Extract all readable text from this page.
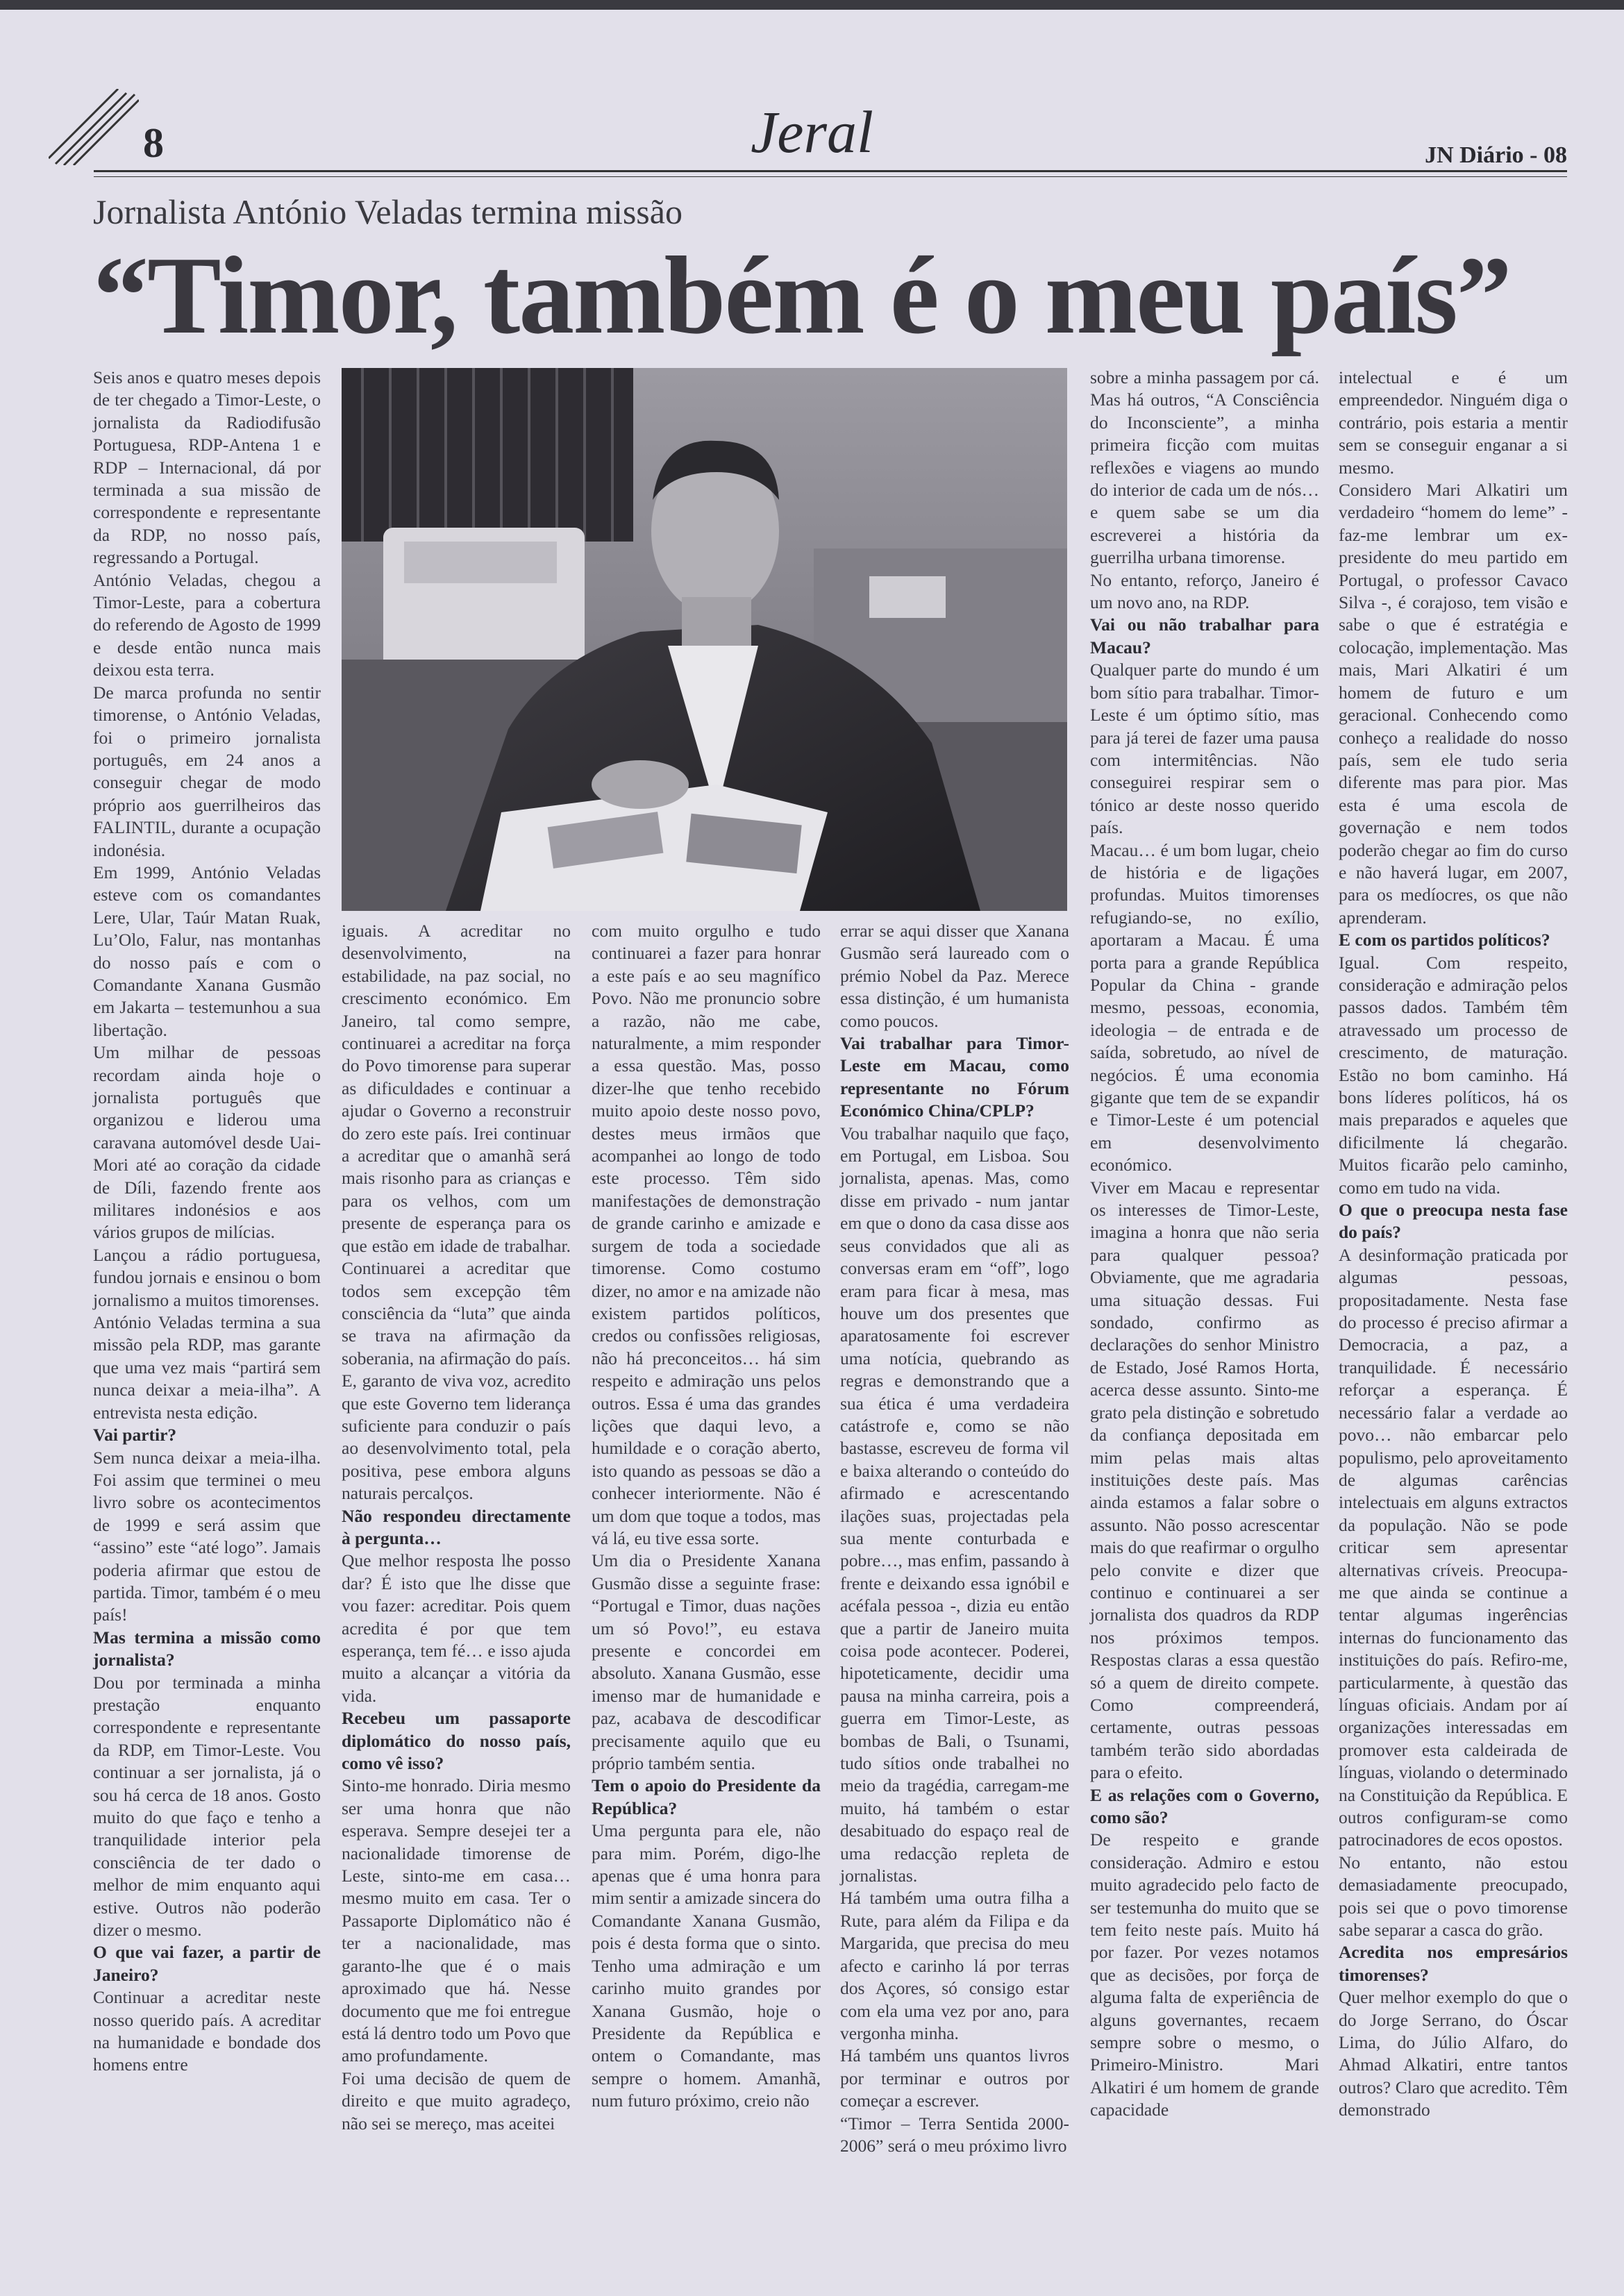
8	Jeral	JN Diário - 08
Jornalista António Veladas termina missão
“Timor, também é o meu país”

Seis anos e quatro meses depois de ter chegado a Timor-Leste, o jornalista da Radiodifusão Portuguesa, RDP-Antena 1 e RDP – Internacional, dá por terminada a sua missão de correspondente e representante da RDP, no nosso país, regressando a Portugal.

António Veladas, chegou a Timor-Leste, para a cobertura do referendo de Agosto de 1999 e desde então nunca mais deixou esta terra.

De marca profunda no sentir timorense, o António Veladas, foi o primeiro jornalista português, em 24 anos a conseguir chegar de modo próprio aos guerrilheiros das FALINTIL, durante a ocupação indonésia.

Em 1999, António Veladas esteve com os comandantes Lere, Ular, Taúr Matan Ruak, Lu’Olo, Falur, nas montanhas do nosso país e com o Comandante Xanana Gusmão em Jakarta – testemunhou a sua libertação.

Um milhar de pessoas recordam ainda hoje o jornalista português que organizou e liderou uma caravana automóvel desde Uai-Mori até ao coração da cidade de Díli, fazendo frente aos militares indonésios e aos vários grupos de milícias.

Lançou a rádio portuguesa, fundou jornais e ensinou o bom jornalismo a muitos timorenses.

António Veladas termina a sua missão pela RDP, mas garante que uma vez mais “partirá sem nunca deixar a meia-ilha”. A entrevista nesta edição.

Vai partir?

Sem nunca deixar a meia-ilha. Foi assim que terminei o meu livro sobre os acontecimentos de 1999 e será assim que “assino” este “até logo”. Jamais poderia afirmar que estou de partida. Timor, também é o meu país!

Mas termina a missão como jornalista?

Dou por terminada a minha prestação enquanto correspondente e representante da RDP, em Timor-Leste. Vou continuar a ser jornalista, já o sou há cerca de 18 anos. Gosto muito do que faço e tenho a tranquilidade interior pela consciência de ter dado o melhor de mim enquanto aqui estive. Outros não poderão dizer o mesmo.

O que vai fazer, a partir de Janeiro?

Continuar a acreditar neste nosso querido país. A acreditar na humanidade e bondade dos homens entre

iguais. A acreditar no desenvolvimento, na estabilidade, na paz social, no crescimento económico. Em Janeiro, tal como sempre, continuarei a acreditar na força do Povo timorense para superar as dificuldades e continuar a ajudar o Governo a reconstruir do zero este país. Irei continuar a acreditar que o amanhã será mais risonho para as crianças e para os velhos, com um presente de esperança para os que estão em idade de trabalhar. Continuarei a acreditar que todos sem excepção têm consciência da “luta” que ainda se trava na afirmação da soberania, na afirmação do país. E, garanto de viva voz, acredito que este Governo tem liderança suficiente para conduzir o país ao desenvolvimento total, pela positiva, pese embora alguns naturais percalços.

Não respondeu directamente à pergunta…

Que melhor resposta lhe posso dar? É isto que lhe disse que vou fazer: acreditar. Pois quem acredita é por que tem esperança, tem fé… e isso ajuda muito a alcançar a vitória da vida.

Recebeu um passaporte diplomático do nosso país, como vê isso?

Sinto-me honrado. Diria mesmo ser uma honra que não esperava. Sempre desejei ter a nacionalidade timorense de Leste, sinto-me em casa… mesmo muito em casa. Ter o Passaporte Diplomático não é ter a nacionalidade, mas garanto-lhe que é o mais aproximado que há. Nesse documento que me foi entregue está lá dentro todo um Povo que amo profundamente.

Foi uma decisão de quem de direito e que muito agradeço, não sei se mereço, mas aceitei

com muito orgulho e tudo continuarei a fazer para honrar a este país e ao seu magnífico Povo. Não me pronuncio sobre a razão, não me cabe, naturalmente, a mim responder a essa questão. Mas, posso dizer-lhe que tenho recebido muito apoio deste nosso povo, destes meus irmãos que acompanhei ao longo de todo este processo. Têm sido manifestações de demonstração de grande carinho e amizade e surgem de toda a sociedade timorense. Como costumo dizer, no amor e na amizade não existem partidos políticos, credos ou confissões religiosas, não há preconceitos… há sim respeito e admiração uns pelos outros. Essa é uma das grandes lições que daqui levo, a humildade e o coração aberto, isto quando as pessoas se dão a conhecer interiormente. Não é um dom que toque a todos, mas vá lá, eu tive essa sorte.

Um dia o Presidente Xanana Gusmão disse a seguinte frase: “Portugal e Timor, duas nações um só Povo!”, eu estava presente e concordei em absoluto. Xanana Gusmão, esse imenso mar de humanidade e paz, acabava de descodificar precisamente aquilo que eu próprio também sentia.

Tem o apoio do Presidente da República?

Uma pergunta para ele, não para mim. Porém, digo-lhe apenas que é uma honra para mim sentir a amizade sincera do Comandante Xanana Gusmão, pois é desta forma que o sinto. Tenho uma admiração e um carinho muito grandes por Xanana Gusmão, hoje o Presidente da República e ontem o Comandante, mas sempre o homem. Amanhã, num futuro próximo, creio não

errar se aqui disser que Xanana Gusmão será laureado com o prémio Nobel da Paz. Merece essa distinção, é um humanista como poucos.

Vai trabalhar para Timor-Leste em Macau, como representante no Fórum Económico China/CPLP?

Vou trabalhar naquilo que faço, em Portugal, em Lisboa. Sou jornalista, apenas. Mas, como disse em privado - num jantar em que o dono da casa disse aos seus convidados que ali as conversas eram em “off”, logo eram para ficar à mesa, mas houve um dos presentes que aparatosamente foi escrever uma notícia, quebrando as regras e demonstrando que a sua ética é uma verdadeira catástrofe e, como se não bastasse, escreveu de forma vil e baixa alterando o conteúdo do afirmado e acrescentando ilações suas, projectadas pela sua mente conturbada e pobre…, mas enfim, passando à frente e deixando essa ignóbil e acéfala pessoa -, dizia eu então que a partir de Janeiro muita coisa pode acontecer. Poderei, hipoteticamente, decidir uma pausa na minha carreira, pois a guerra em Timor-Leste, as bombas de Bali, o Tsunami, tudo sítios onde trabalhei no meio da tragédia, carregam-me muito, há também o estar desabituado do espaço real de uma redacção repleta de jornalistas.

Há também uma outra filha a Rute, para além da Filipa e da Margarida, que precisa do meu afecto e carinho lá por terras dos Açores, só consigo estar com ela uma vez por ano, para vergonha minha.

Há também uns quantos livros por terminar e outros por começar a escrever.

“Timor – Terra Sentida 2000-2006” será o meu próximo livro

sobre a minha passagem por cá. Mas há outros, “A Consciência do Inconsciente”, a minha primeira ficção com muitas reflexões e viagens ao mundo do interior de cada um de nós… e quem sabe se um dia escreverei a história da guerrilha urbana timorense.

No entanto, reforço, Janeiro é um novo ano, na RDP.

Vai ou não trabalhar para Macau?

Qualquer parte do mundo é um bom sítio para trabalhar. Timor-Leste é um óptimo sítio, mas para já terei de fazer uma pausa com intermitências. Não conseguirei respirar sem o tónico ar deste nosso querido país.

Macau… é um bom lugar, cheio de história e de ligações profundas. Muitos timorenses refugiando-se, no exílio, aportaram a Macau. É uma porta para a grande República Popular da China - grande mesmo, pessoas, economia, ideologia – de entrada e de saída, sobretudo, ao nível de negócios. É uma economia gigante que tem de se expandir e Timor-Leste é um potencial em desenvolvimento económico.

Viver em Macau e representar os interesses de Timor-Leste, imagina a honra que não seria para qualquer pessoa? Obviamente, que me agradaria uma situação dessas. Fui sondado, confirmo as declarações do senhor Ministro de Estado, José Ramos Horta, acerca desse assunto. Sinto-me grato pela distinção e sobretudo da confiança depositada em mim pelas mais altas instituições deste país. Mas ainda estamos a falar sobre o assunto. Não posso acrescentar mais do que reafirmar o orgulho pelo convite e dizer que continuo e continuarei a ser jornalista dos quadros da RDP nos próximos tempos. Respostas claras a essa questão só a quem de direito compete. Como compreenderá, certamente, outras pessoas também terão sido abordadas para o efeito.

E as relações com o Governo, como são?

De respeito e grande consideração. Admiro e estou muito agradecido pelo facto de ser testemunha do muito que se tem feito neste país. Muito há por fazer. Por vezes notamos que as decisões, por força de alguma falta de experiência de alguns governantes, recaem sempre sobre o mesmo, o Primeiro-Ministro. Mari Alkatiri é um homem de grande capacidade

intelectual e é um empreendedor. Ninguém diga o contrário, pois estaria a mentir sem se conseguir enganar a si mesmo.

Considero Mari Alkatiri um verdadeiro “homem do leme” - faz-me lembrar um ex-presidente do meu partido em Portugal, o professor Cavaco Silva -, é corajoso, tem visão e sabe o que é estratégia e colocação, implementação. Mas mais, Mari Alkatiri é um homem de futuro e um geracional. Conhecendo como conheço a realidade do nosso país, sem ele tudo seria diferente mas para pior. Mas esta é uma escola de governação e nem todos poderão chegar ao fim do curso e não haverá lugar, em 2007, para os medíocres, os que não aprenderam.

E com os partidos políticos?

Igual. Com respeito, consideração e admiração pelos passos dados. Também têm atravessado um processo de crescimento, de maturação. Estão no bom caminho. Há bons líderes políticos, há os mais preparados e aqueles que dificilmente lá chegarão. Muitos ficarão pelo caminho, como em tudo na vida.

O que o preocupa nesta fase do país?

A desinformação praticada por algumas pessoas, propositadamente. Nesta fase do processo é preciso afirmar a Democracia, a paz, a tranquilidade. É necessário reforçar a esperança. É necessário falar a verdade ao povo… não embarcar pelo populismo, pelo aproveitamento de algumas carências intelectuais em alguns extractos da população. Não se pode criticar sem apresentar alternativas críveis. Preocupa-me que ainda se continue a tentar algumas ingerências internas do funcionamento das instituições do país. Refiro-me, particularmente, à questão das línguas oficiais. Andam por aí organizações interessadas em promover esta caldeirada de línguas, violando o determinado na Constituição da República. E outros configuram-se como patrocinadores de ecos opostos.

No entanto, não estou demasiadamente preocupado, pois sei que o povo timorense sabe separar a casca do grão.

Acredita nos empresários timorenses?

Quer melhor exemplo do que o do Jorge Serrano, do Óscar Lima, do Júlio Alfaro, do Ahmad Alkatiri, entre tantos outros? Claro que acredito. Têm demonstrado
